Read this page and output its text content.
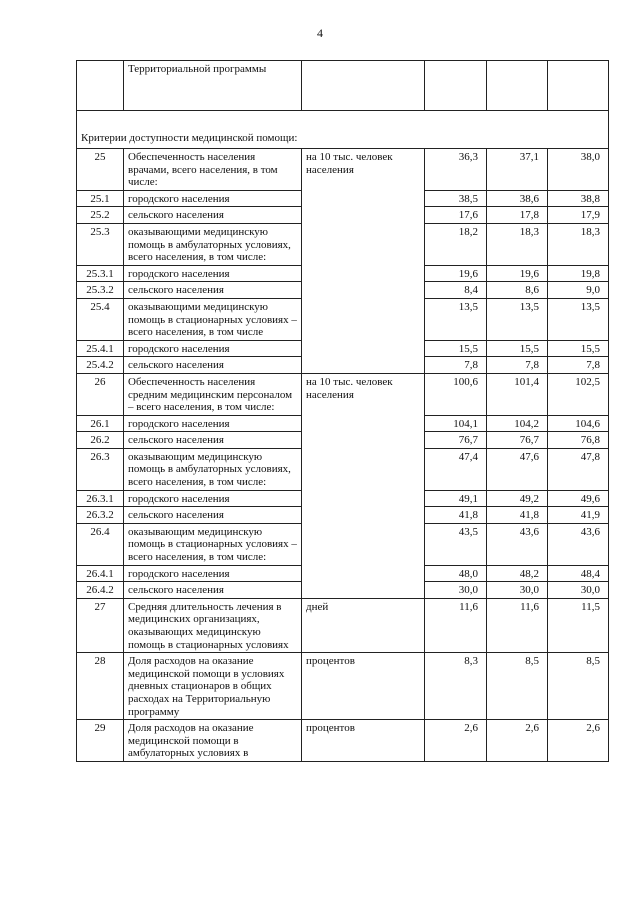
4
	Территориальной программы				
Критерии доступности медицинской помощи:					
25	Обеспеченность населения врачами, всего населения, в том числе:	на 10 тыс. человек населения	36,3	37,1	38,0
25.1	городского населения		38,5	38,6	38,8
25.2	сельского населения		17,6	17,8	17,9
25.3	оказывающими медицинскую помощь в амбулаторных условиях, всего населения, в том числе:		18,2	18,3	18,3
25.3.1	городского населения		19,6	19,6	19,8
25.3.2	сельского населения		8,4	8,6	9,0
25.4	оказывающими медицинскую помощь в стационарных условиях – всего населения, в том числе		13,5	13,5	13,5
25.4.1	городского населения		15,5	15,5	15,5
25.4.2	сельского населения		7,8	7,8	7,8
26	Обеспеченность населения средним медицинским персоналом – всего населения, в том числе:	на 10 тыс. человек населения	100,6	101,4	102,5
26.1	городского населения		104,1	104,2	104,6
26.2	сельского населения		76,7	76,7	76,8
26.3	оказывающим медицинскую помощь в амбулаторных условиях, всего населения, в том числе:		47,4	47,6	47,8
26.3.1	городского населения		49,1	49,2	49,6
26.3.2	сельского населения		41,8	41,8	41,9
26.4	оказывающим медицинскую помощь в стационарных условиях – всего населения, в том числе:		43,5	43,6	43,6
26.4.1	городского населения		48,0	48,2	48,4
26.4.2	сельского населения		30,0	30,0	30,0
27	Средняя длительность лечения в медицинских организациях, оказывающих медицинскую помощь в стационарных условиях	дней	11,6	11,6	11,5
28	Доля расходов на оказание медицинской помощи в условиях дневных стационаров в общих расходах на Территориальную программу	процентов	8,3	8,5	8,5
29	Доля расходов на оказание медицинской помощи в амбулаторных условиях в	процентов	2,6	2,6	2,6
